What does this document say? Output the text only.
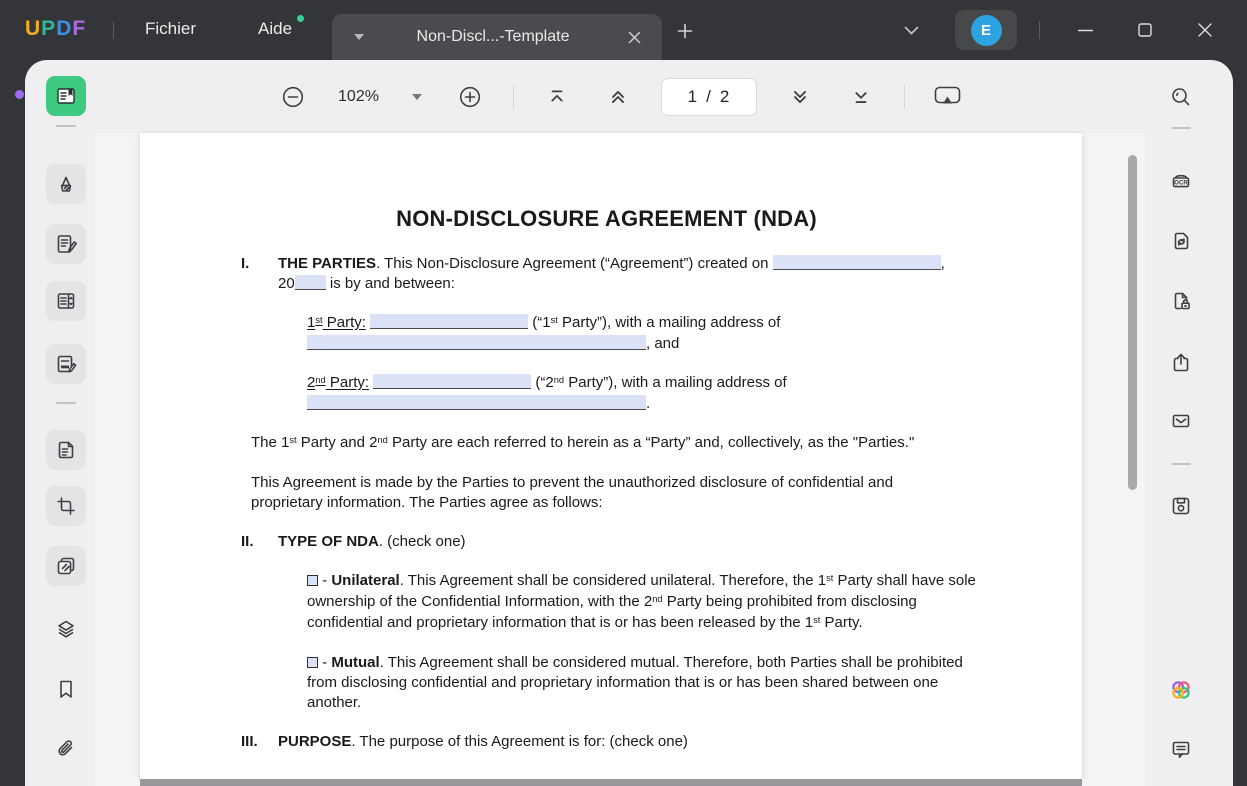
UPDF	Fichier	Aide	Non-Discl...-Template	E
102%	1 / 2
NON-DISCLOSURE AGREEMENT (NDA)
I. THE PARTIES. This Non-Disclosure Agreement (“Agreement”) created on	, 20 is by and between:
1st Party:	(“1st Party”), with a mailing address of , and
2nd Party:	(“2nd Party”), with a mailing address of .
The 1st Party and 2nd Party are each referred to herein as a “Party” and, collectively, as the "Parties."
This Agreement is made by the Parties to prevent the unauthorized disclosure of confidential and proprietary information. The Parties agree as follows:
II. TYPE OF NDA. (check one)
- Unilateral. This Agreement shall be considered unilateral. Therefore, the 1st Party shall have sole ownership of the Confidential Information, with the 2nd Party being prohibited from disclosing confidential and proprietary information that is or has been released by the 1st Party.
- Mutual. This Agreement shall be considered mutual. Therefore, both Parties shall be prohibited from disclosing confidential and proprietary information that is or has been shared between one another.
III. PURPOSE. The purpose of this Agreement is for: (check one)
OCR
